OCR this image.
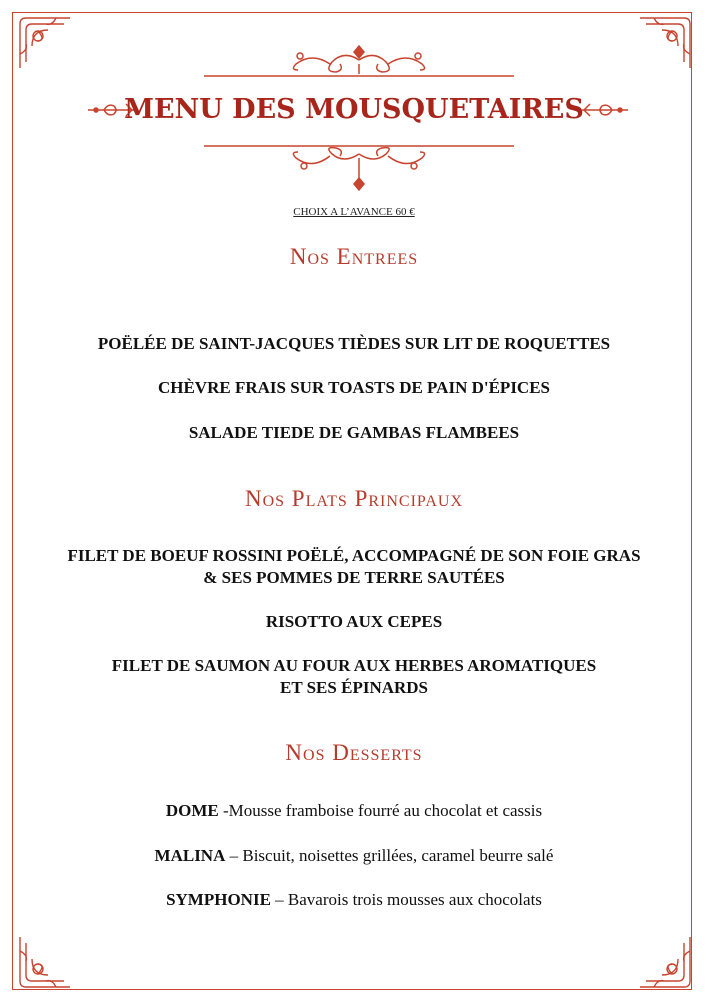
MENU DES MOUSQUETAIRES
CHOIX A L’AVANCE 60 €
Nos Entrees
POËLÉE DE SAINT-JACQUES TIÈDES SUR LIT DE ROQUETTES
CHÈVRE FRAIS SUR TOASTS DE PAIN D'ÉPICES
SALADE TIEDE DE GAMBAS FLAMBEES
Nos Plats Principaux
FILET DE BOEUF ROSSINI POËLÉ, ACCOMPAGNÉ DE SON FOIE GRAS
& SES POMMES DE TERRE SAUTÉES
RISOTTO AUX CEPES
FILET DE SAUMON AU FOUR AUX HERBES AROMATIQUES
ET SES ÉPINARDS
Nos Desserts
DOME -Mousse framboise fourré au chocolat et cassis
MALINA – Biscuit, noisettes grillées, caramel beurre salé
SYMPHONIE – Bavarois trois mousses aux chocolats
